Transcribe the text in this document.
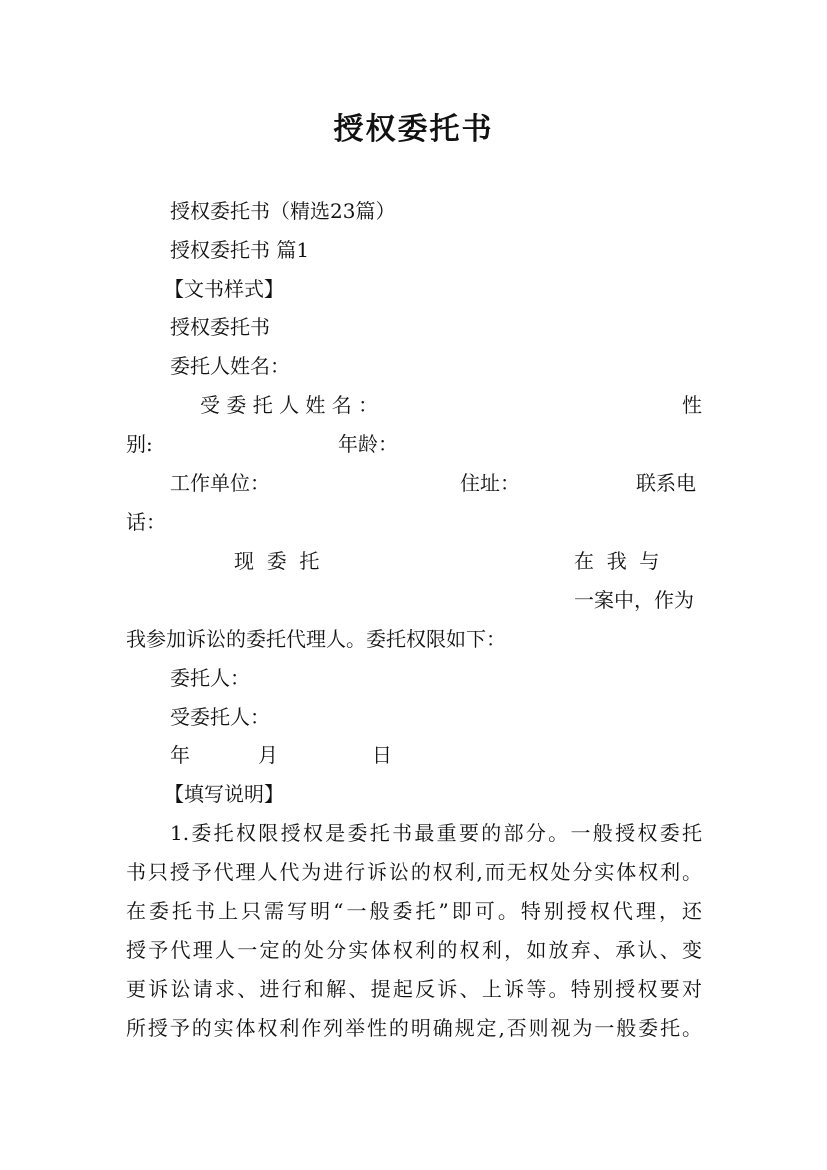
授权委托书
授权委托书（精选23篇）
授权委托书 篇1
【文书样式】
授权委托书
委托人姓名：
受 委 托 人 姓 名 ：	性
别:	年龄：
工作单位：	住址：	联系电
话：
现  委  托	在  我  与
一案中，作为
我参加诉讼的委托代理人。委托权限如下：
委托人：
受委托人：
年	月	日
【填写说明】
1.委托权限授权是委托书最重要的部分。一般授权委托
书只授予代理人代为进行诉讼的权利,而无权处分实体权利。
在委托书上只需写明“一般委托”即可。特别授权代理，还
授予代理人一定的处分实体权利的权利，如放弃、承认、变
更诉讼请求、进行和解、提起反诉、上诉等。特别授权要对
所授予的实体权利作列举性的明确规定,否则视为一般委托。
